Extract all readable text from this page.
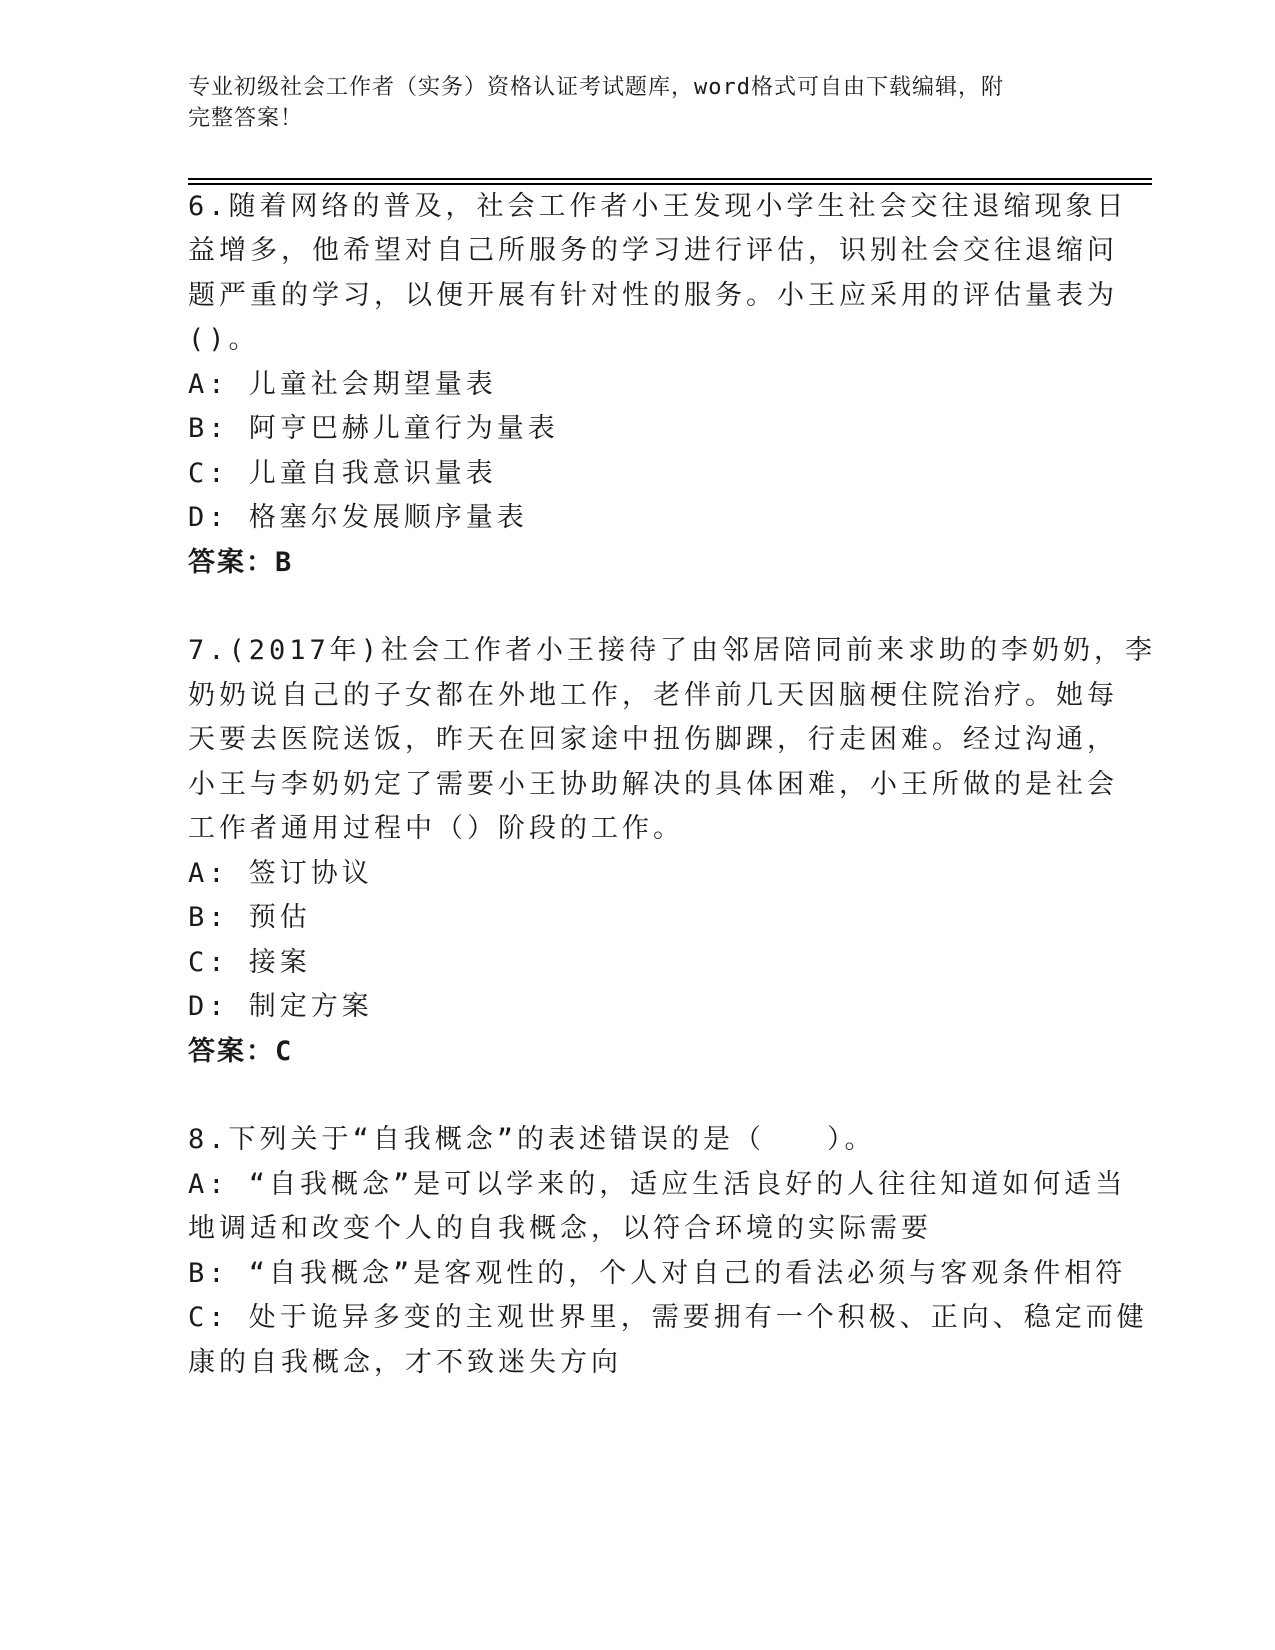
专业初级社会工作者（实务）资格认证考试题库，word格式可自由下载编辑，附
完整答案！
6.随着网络的普及，社会工作者小王发现小学生社会交往退缩现象日
益增多，他希望对自己所服务的学习进行评估，识别社会交往退缩问
题严重的学习，以便开展有针对性的服务。小王应采用的评估量表为
()。
A: 儿童社会期望量表
B: 阿亨巴赫儿童行为量表
C: 儿童自我意识量表
D: 格塞尔发展顺序量表
答案：B
7.(2017年)社会工作者小王接待了由邻居陪同前来求助的李奶奶，李
奶奶说自己的子女都在外地工作，老伴前几天因脑梗住院治疗。她每
天要去医院送饭，昨天在回家途中扭伤脚踝，行走困难。经过沟通，
小王与李奶奶定了需要小王协助解决的具体困难，小王所做的是社会
工作者通用过程中（）阶段的工作。
A: 签订协议
B: 预估
C: 接案
D: 制定方案
答案：C
8.下列关于“自我概念”的表述错误的是（　　）。
A: “自我概念”是可以学来的，适应生活良好的人往往知道如何适当
地调适和改变个人的自我概念，以符合环境的实际需要
B: “自我概念”是客观性的，个人对自己的看法必须与客观条件相符
C: 处于诡异多变的主观世界里，需要拥有一个积极、正向、稳定而健
康的自我概念，才不致迷失方向
